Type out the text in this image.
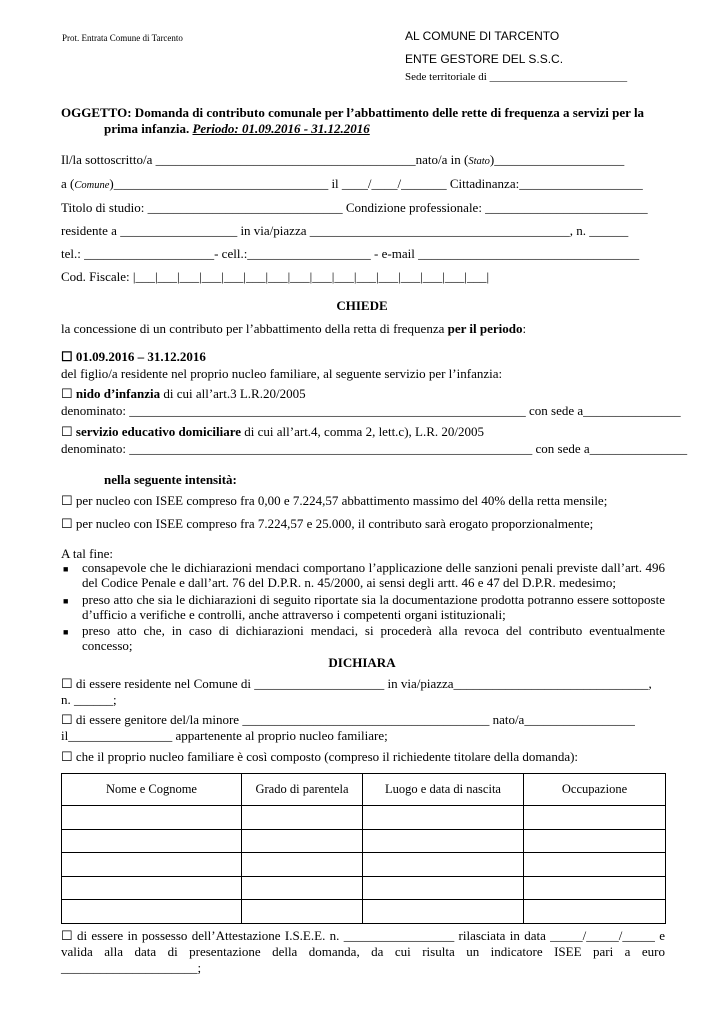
Prot. Entrata Comune di Tarcento	AL COMUNE DI TARCENTO
ENTE GESTORE DEL S.S.C.
Sede territoriale di _________________________
OGGETTO: Domanda di contributo comunale per l’abbattimento delle rette di frequenza a servizi per la
prima infanzia. Periodo: 01.09.2016 - 31.12.2016
Il/la sottoscritto/a ________________________________________nato/a in (Stato)____________________
a (Comune)_________________________________ il ____/____/_______ Cittadinanza:___________________
Titolo di studio: ______________________________ Condizione professionale: _________________________
residente a __________________ in via/piazza ________________________________________, n. ______
tel.: ____________________- cell.:___________________ - e-mail __________________________________
Cod. Fiscale: |___|___|___|___|___|___|___|___|___|___|___|___|___|___|___|___|
CHIEDE
la concessione di un contributo per l’abbattimento della retta di frequenza per il periodo:
☐ 01.09.2016 – 31.12.2016
del figlio/a residente nel proprio nucleo familiare, al seguente servizio per l’infanzia:
☐ nido d’infanzia di cui all’art.3 L.R.20/2005
denominato: _____________________________________________________________ con sede a_______________
☐ servizio educativo domiciliare di cui all’art.4, comma 2, lett.c), L.R. 20/2005
denominato: ______________________________________________________________ con sede a_______________
nella seguente intensità:
☐ per nucleo con ISEE compreso fra 0,00 e 7.224,57 abbattimento massimo del 40% della retta mensile;
☐ per nucleo con ISEE compreso fra 7.224,57 e 25.000, il contributo sarà erogato proporzionalmente;
A tal fine:
■ consapevole che le dichiarazioni mendaci comportano l’applicazione delle sanzioni penali previste dall’art. 496 del Codice Penale e dall’art. 76 del D.P.R. n. 45/2000, ai sensi degli artt. 46 e 47 del D.P.R. medesimo;
■ preso atto che sia le dichiarazioni di seguito riportate sia la documentazione prodotta potranno essere sottoposte d’ufficio a verifiche e controlli, anche attraverso i competenti organi istituzionali;
■ preso atto che, in caso di dichiarazioni mendaci, si procederà alla revoca del contributo eventualmente concesso;
DICHIARA
☐ di essere residente nel Comune di ____________________ in via/piazza______________________________,
n. ______;
☐ di essere genitore del/la minore ______________________________________ nato/a_________________
il________________ appartenente al proprio nucleo familiare;
☐ che il proprio nucleo familiare è così composto (compreso il richiedente titolare della domanda):
Nome e Cognome	Grado di parentela	Luogo e data di nascita	Occupazione

☐ di essere in possesso dell’Attestazione I.S.E.E. n. _________________ rilasciata in data _____/_____/_____ e valida alla data di presentazione della domanda, da cui risulta un indicatore ISEE pari a euro _____________________;
